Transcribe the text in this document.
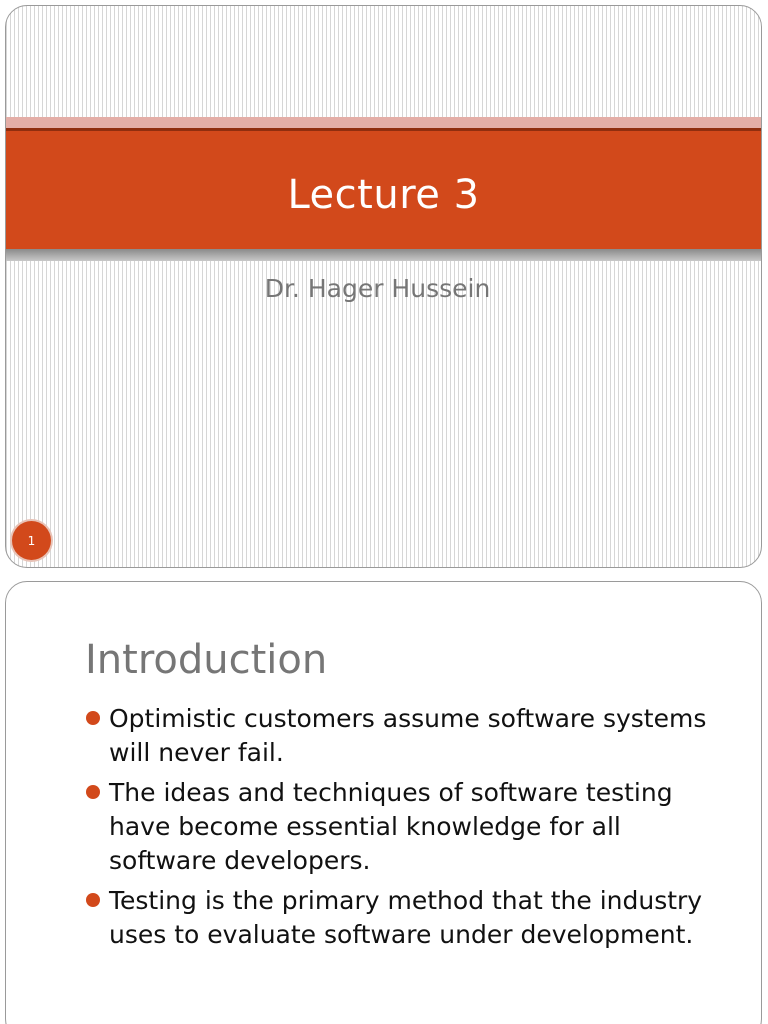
Lecture 3
Dr. Hager Hussein
1
Introduction
Optimistic customers assume software systems will never fail.
The ideas and techniques of software testing have become essential knowledge for all software developers.
Testing is the primary method that the industry uses to evaluate software under development.
